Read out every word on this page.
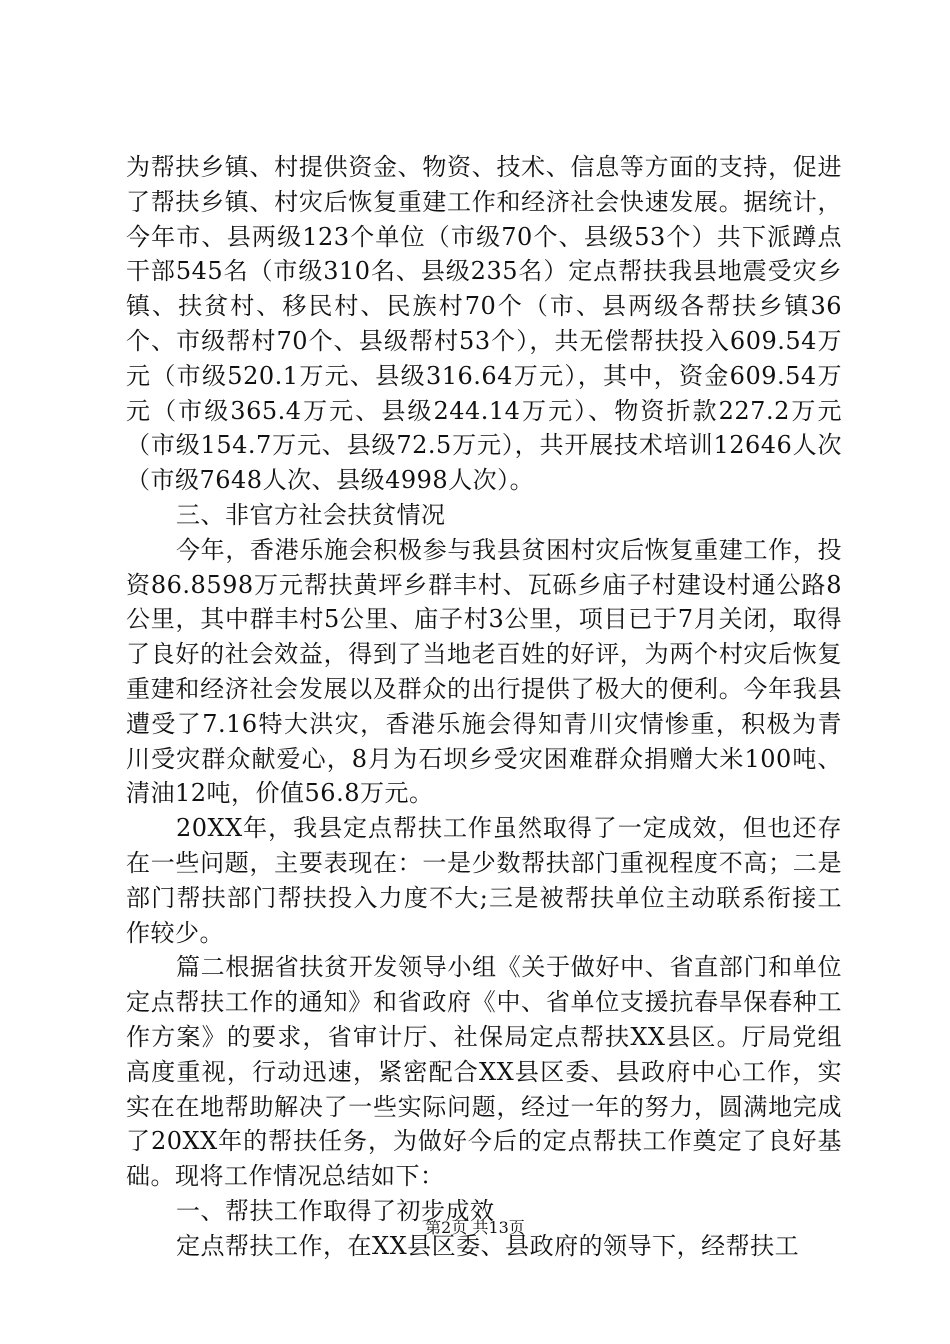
为帮扶乡镇、村提供资金、物资、技术、信息等方面的支持，促进了帮扶乡镇、村灾后恢复重建工作和经济社会快速发展。据统计，今年市、县两级123个单位（市级70个、县级53个）共下派蹲点干部545名（市级310名、县级235名）定点帮扶我县地震受灾乡镇、扶贫村、移民村、民族村70个（市、县两级各帮扶乡镇36个、市级帮村70个、县级帮村53个），共无偿帮扶投入609.54万元（市级520.1万元、县级316.64万元），其中，资金609.54万元（市级365.4万元、县级244.14万元）、物资折款227.2万元（市级154.7万元、县级72.5万元），共开展技术培训12646人次（市级7648人次、县级4998人次）。

三、非官方社会扶贫情况

今年，香港乐施会积极参与我县贫困村灾后恢复重建工作，投资86.8598万元帮扶黄坪乡群丰村、瓦砾乡庙子村建设村通公路8公里，其中群丰村5公里、庙子村3公里，项目已于7月关闭，取得了良好的社会效益，得到了当地老百姓的好评，为两个村灾后恢复重建和经济社会发展以及群众的出行提供了极大的便利。今年我县遭受了7.16特大洪灾，香港乐施会得知青川灾情惨重，积极为青川受灾群众献爱心，8月为石坝乡受灾困难群众捐赠大米100吨、清油12吨，价值56.8万元。

20XX年，我县定点帮扶工作虽然取得了一定成效，但也还存在一些问题，主要表现在：一是少数帮扶部门重视程度不高；二是部门帮扶部门帮扶投入力度不大;三是被帮扶单位主动联系衔接工作较少。

篇二根据省扶贫开发领导小组《关于做好中、省直部门和单位定点帮扶工作的通知》和省政府《中、省单位支援抗春旱保春种工作方案》的要求，省审计厅、社保局定点帮扶XX县区。厅局党组高度重视，行动迅速，紧密配合XX县区委、县政府中心工作，实实在在地帮助解决了一些实际问题，经过一年的努力，圆满地完成了20XX年的帮扶任务，为做好今后的定点帮扶工作奠定了良好基础。现将工作情况总结如下：

一、帮扶工作取得了初步成效

定点帮扶工作，在XX县区委、县政府的领导下，经帮扶工

第2页 共13页
